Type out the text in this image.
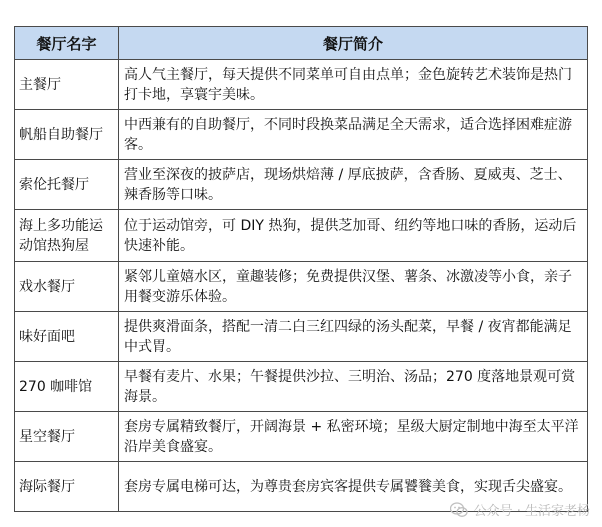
餐厅名字	餐厅简介
主餐厅	高人气主餐厅，每天提供不同菜单可自由点单；金色旋转艺术装饰是热门打卡地，享寰宇美味。
帆船自助餐厅	中西兼有的自助餐厅，不同时段换菜品满足全天需求，适合选择困难症游客。
索伦托餐厅	营业至深夜的披萨店，现场烘焙薄 / 厚底披萨，含香肠、夏威夷、芝士、辣香肠等口味。
海上多功能运动馆热狗屋	位于运动馆旁，可 DIY 热狗，提供芝加哥、纽约等地口味的香肠，运动后快速补能。
戏水餐厅	紧邻儿童嬉水区，童趣装修；免费提供汉堡、薯条、冰激凌等小食，亲子用餐变游乐体验。
味好面吧	提供爽滑面条，搭配一清二白三红四绿的汤头配菜，早餐 / 夜宵都能满足中式胃。
270 咖啡馆	早餐有麦片、水果；午餐提供沙拉、三明治、汤品；270 度落地景观可赏海景。
星空餐厅	套房专属精致餐厅，开阔海景 + 私密环境；星级大厨定制地中海至太平洋沿岸美食盛宴。
海际餐厅	套房专属电梯可达，为尊贵套房宾客提供专属饕餮美食，实现舌尖盛宴。
公众号 · 生活家老杨
